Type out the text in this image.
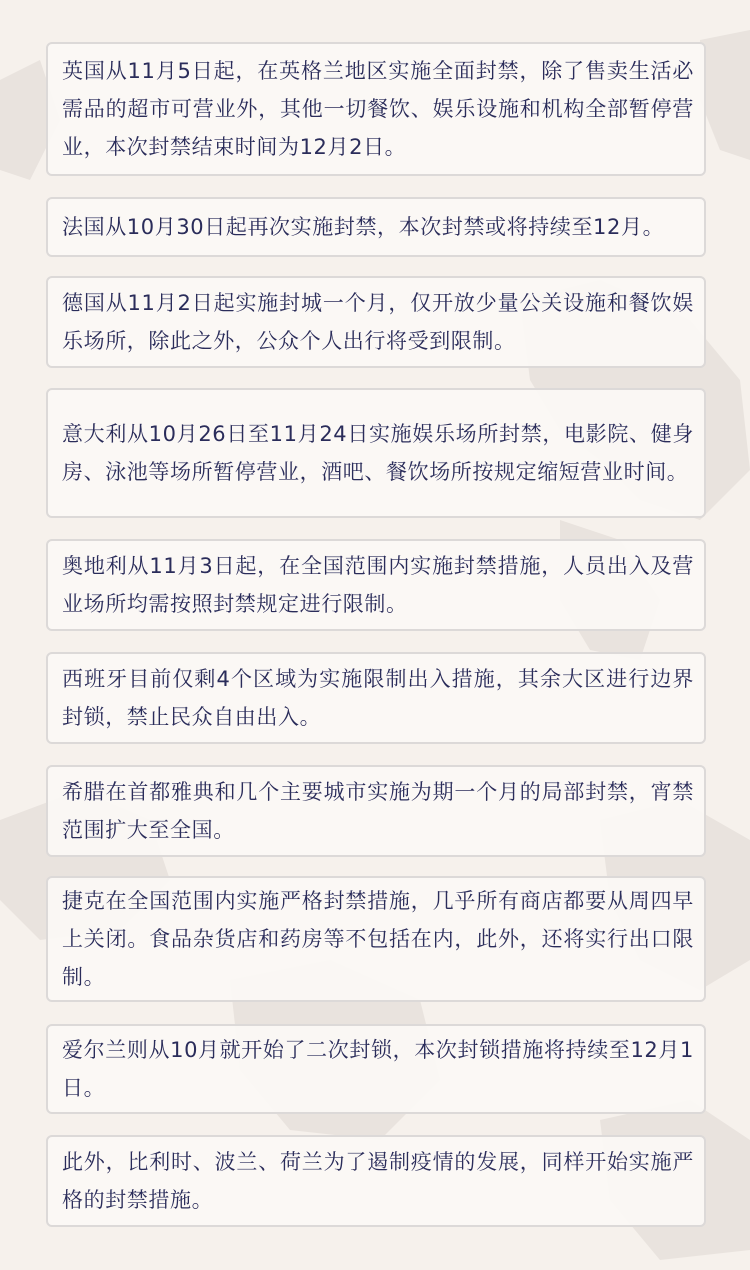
英国从11月5日起，在英格兰地区实施全面封禁，除了售卖生活必需品的超市可营业外，其他一切餐饮、娱乐设施和机构全部暂停营业，本次封禁结束时间为12月2日。

法国从10月30日起再次实施封禁，本次封禁或将持续至12月。

德国从11月2日起实施封城一个月，仅开放少量公关设施和餐饮娱乐场所，除此之外，公众个人出行将受到限制。

意大利从10月26日至11月24日实施娱乐场所封禁，电影院、健身房、泳池等场所暂停营业，酒吧、餐饮场所按规定缩短营业时间。

奥地利从11月3日起，在全国范围内实施封禁措施，人员出入及营业场所均需按照封禁规定进行限制。

西班牙目前仅剩4个区域为实施限制出入措施，其余大区进行边界封锁，禁止民众自由出入。

希腊在首都雅典和几个主要城市实施为期一个月的局部封禁，宵禁范围扩大至全国。

捷克在全国范围内实施严格封禁措施，几乎所有商店都要从周四早上关闭。食品杂货店和药房等不包括在内，此外，还将实行出口限制。

爱尔兰则从10月就开始了二次封锁，本次封锁措施将持续至12月1日。

此外，比利时、波兰、荷兰为了遏制疫情的发展，同样开始实施严格的封禁措施。
